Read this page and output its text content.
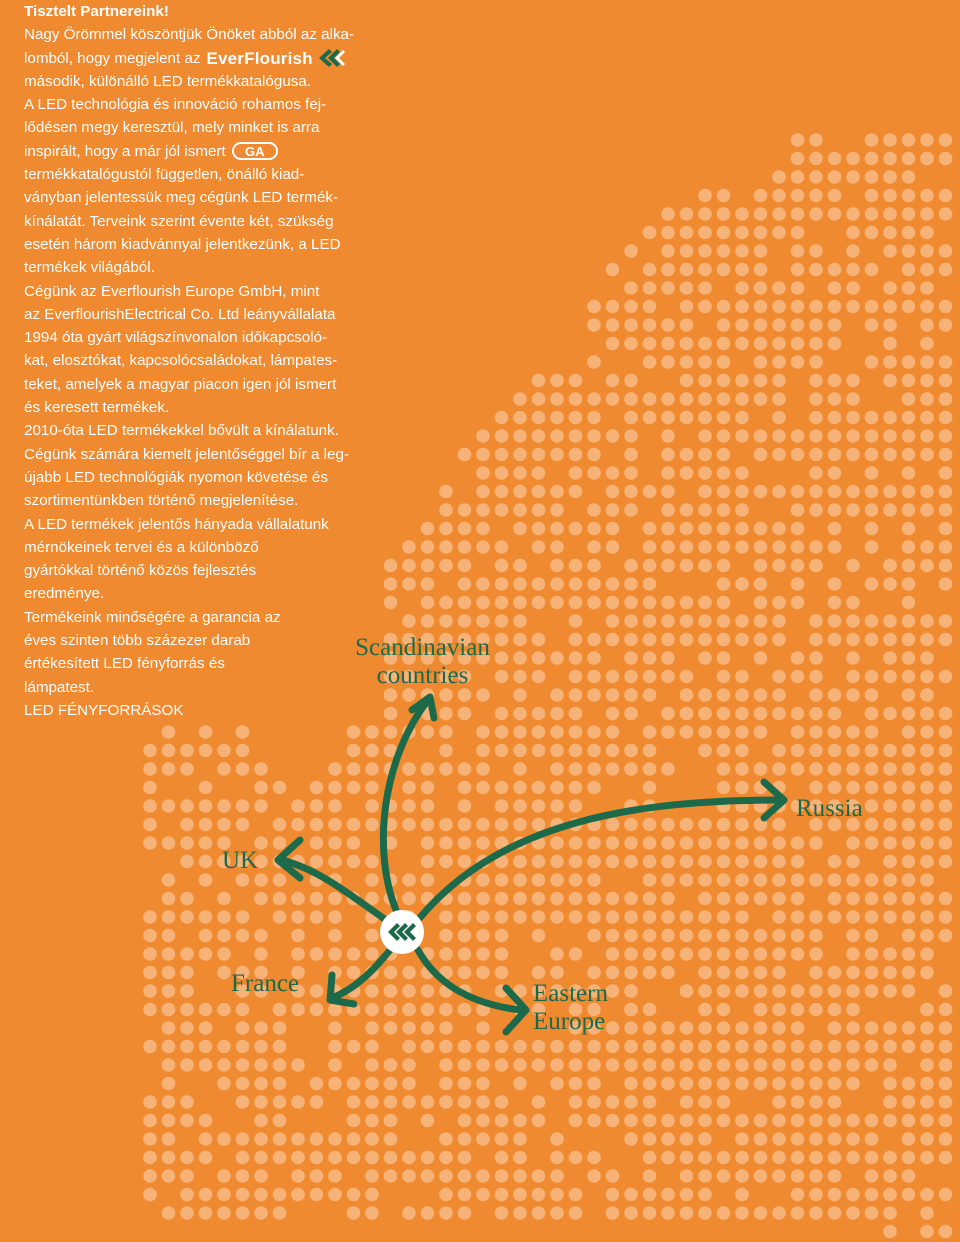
Tisztelt Partnereink!
Nagy Örömmel köszöntjük Önöket abból az alka-
lomból, hogy megjelent az EverFlourish
második, különálló LED termékkatalógusa.
A LED technológia és innováció rohamos fej-
lődésen megy keresztül, mely minket is arra
inspirált, hogy a már jól ismert	GA
termékkatalógustól független, önálló kiad-
ványban jelentessük meg cégünk LED termék-
kínálatát. Terveink szerint évente két, szükség
esetén három kiadvánnyal jelentkezünk, a LED
termékek világából.
Cégünk az Everflourish Europe GmbH, mint
az EverflourishElectrical Co. Ltd leányvállalata
1994 óta gyárt világszínvonalon időkapcsoló-
kat, elosztókat, kapcsolócsaládokat, lámpates-
teket, amelyek a magyar piacon igen jól ismert
és keresett termékek.
2010-óta LED termékekkel bővült a kínálatunk.
Cégünk számára kiemelt jelentőséggel bír a leg-
újabb LED technológiák nyomon követése és
szortimentünkben történő megjelenítése.
A LED termékek jelentős hányada vállalatunk
mérnökeinek tervei és a különböző
gyártókkal történő közös fejlesztés
eredménye.
Termékeink minőségére a garancia az
éves szinten több százezer darab
értékesített LED fényforrás és
lámpatest.
LED FÉNYFORRÁSOK
Scandinavian
countries
Russia
UK
France	Eastern
Europe
